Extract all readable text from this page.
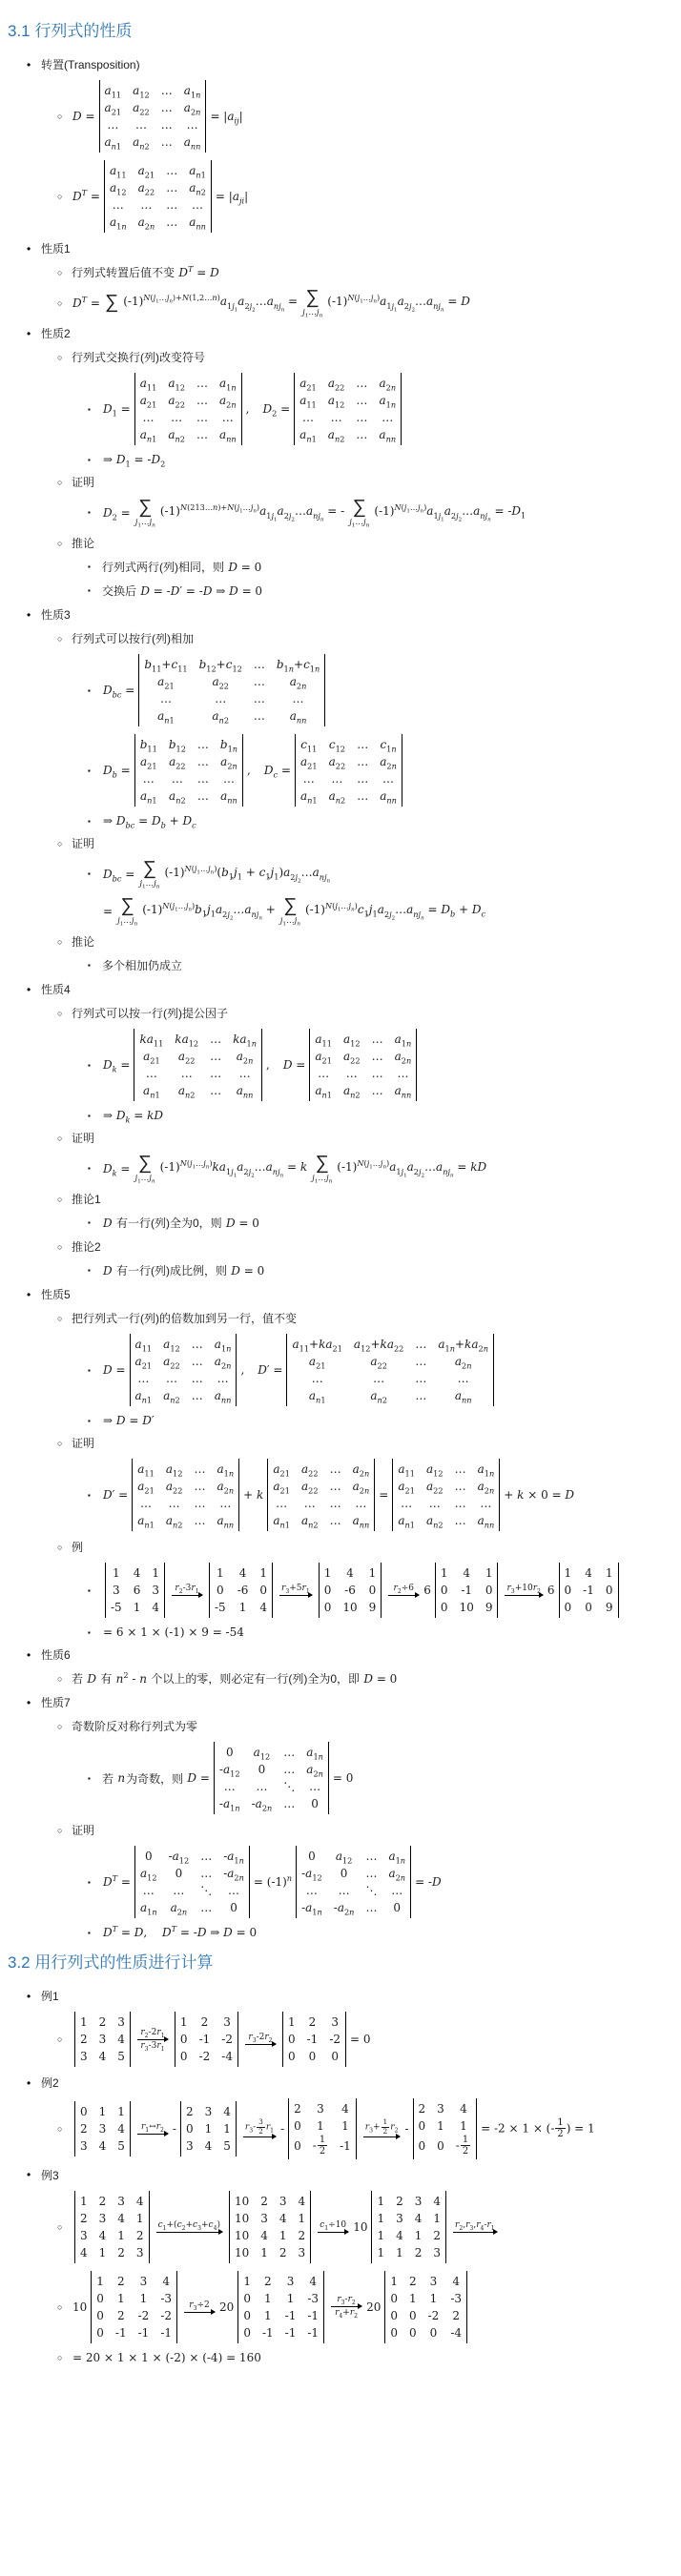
3.1 行列式的性质
• 转置(Transposition)
○ D =
$a_{11}$ $a_{12}$ … $a_{1n}$
$a_{21}$ $a_{22}$ … $a_{2n}$
… … … …
$a_{n1}$ $a_{n2}$ … $a_{nn}$
= $|a_{ij}|$
○ $D^T$ =
$a_{11}$ $a_{21}$ … $a_{n1}$
$a_{12}$ $a_{22}$ … $a_{n2}$
… … … …
$a_{1n}$ $a_{2n}$ … $a_{nn}$
= $|a_{ji}|$
• 性质1
○ 行列式转置后值不变 $D^T = D$
○ $D^T$ = ∑ $(-1)^{N(j_1\dots j_n)+N(1,2\dots n)}a_{1j_1}a_{2j_2}\dots a_{nj_n}$ = ∑
$j_1\dots j_n$
$(-1)^{N(j_1\dots j_n)}a_{1j_1}a_{2j_2}\dots a_{nj_n} = D$
• 性质2
○ 行列式交换行(列)改变符号
▪	$D_1$ =
$a_{11}$ $a_{12}$ … $a_{1n}$
$a_{21}$ $a_{22}$ … $a_{2n}$
… … … …
$a_{n1}$ $a_{n2}$ … $a_{nn}$
,  $D_2$ =
$a_{21}$ $a_{22}$ … $a_{2n}$
$a_{11}$ $a_{12}$ … $a_{1n}$
… … … …
$a_{n1}$ $a_{n2}$ … $a_{nn}$
▪	⇒ $D_1 = -D_2$
○ 证明
▪	$D_2$ = ∑
$j_1\dots j_n$
$(-1)^{N(213\dots n)+N(j_1\dots j_n)}a_{1j_1}a_{2j_2}\dots a_{nj_n}$ = - ∑
$j_1\dots j_n$
$(-1)^{N(j_1\dots j_n)}a_{1j_1}a_{2j_2}\dots a_{nj_n} = -D_1$
○ 推论
▪	行列式两行(列)相同，则 D = 0
▪	交换后 D = -D′ = -D ⇒ D = 0
• 性质3
○ 行列式可以按行(列)相加
▪	$D_{bc}$ =
$b_{11}+c_{11}$ $b_{12}+c_{12}$ … $b_{1n}+c_{1n}$
$a_{21}$	$a_{22}$ … $a_{2n}$
…	… … …
$a_{n1}$	$a_{n2}$ … $a_{nn}$
▪	$D_b$ =
$b_{11}$ $b_{12}$ … $b_{1n}$
$a_{21}$ $a_{22}$ … $a_{2n}$
… … … …
$a_{n1}$ $a_{n2}$ … $a_{nn}$
,  $D_c$ =
$c_{11}$ $c_{12}$ … $c_{1n}$
$a_{21}$ $a_{22}$ … $a_{2n}$
… … … …
$a_{n1}$ $a_{n2}$ … $a_{nn}$
▪	⇒ $D_{bc} = D_b + D_c$
○ 证明
▪	$D_{bc}$ = ∑
$j_1\dots j_n$
$(-1)^{N(j_1\dots j_n)}(b_1j_1$ + $c_1j_1)a_{2j_2}\dots a_{nj_n}$
= ∑
$j_1\dots j_n$
$(-1)^{N(j_1\dots j_n)}b_1j_1a_{2j_2}\dots a_{nj_n}$ + ∑
$j_1\dots j_n$
$(-1)^{N(j_1\dots j_n)}c_1j_1a_{2j_2}\dots a_{nj_n} = D_b + D_c$
○ 推论
▪	多个相加仍成立
• 性质4
○ 行列式可以按一行(列)提公因子
▪	$D_k$ =
$ka_{11}$ $ka_{12}$ … $ka_{1n}$
$a_{21}$ $a_{22}$ … $a_{2n}$
… … … …
$a_{n1}$ $a_{n2}$ … $a_{nn}$
,  D =
$a_{11}$ $a_{12}$ … $a_{1n}$
$a_{21}$ $a_{22}$ … $a_{2n}$
… … … …
$a_{n1}$ $a_{n2}$ … $a_{nn}$
▪	⇒ $D_k$ = kD
○ 证明
▪	$D_k$ = ∑
$j_1\dots j_n$
$(-1)^{N(j_1\dots j_n)}ka_{1j_1}a_{2j_2}\dots a_{nj_n} = k$ ∑
$j_1\dots j_n$
$(-1)^{N(j_1\dots j_n)}a_{1j_1}a_{2j_2}\dots a_{nj_n}$ = kD
○ 推论1
▪	D 有一行(列)全为0，则 D = 0
○ 推论2
▪	D 有一行(列)成比例，则 D = 0
• 性质5
○ 把行列式一行(列)的倍数加到另一行，值不变
▪	D =
$a_{11}$ $a_{12}$ … $a_{1n}$
$a_{21}$ $a_{22}$ … $a_{2n}$
… … … …
$a_{n1}$ $a_{n2}$ … $a_{nn}$
,  D′ =
$a_{11}+ka_{21}$ $a_{12}+ka_{22}$ … $a_{1n}+ka_{2n}$
$a_{21}$	$a_{22}$ … $a_{2n}$
…	…	…	…
$a_{n1}$	$a_{n2}$ … $a_{nn}$
▪	⇒ D = D′
○ 证明
▪	D′ =
$a_{11}$ $a_{12}$ … $a_{1n}$
$a_{21}$ $a_{22}$ … $a_{2n}$
… … … …
$a_{n1}$ $a_{n2}$ … $a_{nn}$
+ k
$a_{21}$ $a_{22}$ … $a_{2n}$
$a_{21}$ $a_{22}$ … $a_{2n}$
… … … …
$a_{n1}$ $a_{n2}$ … $a_{nn}$
=
$a_{11}$ $a_{12}$ … $a_{1n}$
$a_{21}$ $a_{22}$ … $a_{2n}$
… … … …
$a_{n1}$ $a_{n2}$ … $a_{nn}$
+ k × 0 = D
○ 例
▪
1 4 1
3 6 3
-5 1 4
$r_2-3r_1$
1 4 1
0 -6 0
-5 1 4
$r_3+5r$
1 4 1
0 -6 0
0 10 9
$r_2\div 6$ 6
1 4 1
0 -1 0
0 10 9
$r_3+10r$ 6
1 4 1
0 -1 0
0 0 9
▪	= 6 × 1 × (-1) × 9 = -54
• 性质6
○ 若 D 有 $n^2$ - n 个以上的零，则必定有一行(列)全为0，即 D = 0
• 性质7
○ 奇数阶反对称行列式为零
▪	若 n 为奇数，则 D =
0 $a_{12}$ … $a_{1n}$
$-a_{12}$ 0 … $a_{2n}$
… … ⋱ …
$-a_{1n}$ $-a_{2n}$ … 0
= 0
○ 证明
▪	$D^T$ =
0 $-a_{12}$ … $-a_{1n}$
$a_{12}$ 0 … $-a_{2n}$
… … ⋱ …
$a_{1n}$ $a_{2n}$ … 0
= $(-1)^n$
0 $a_{12}$ … $a_{1n}$
$-a_{12}$ 0 … $a_{2n}$
… … ⋱ …
$-a_{1n}$ $-a_{2n}$ … 0
= -D
▪	$D^T = D$,  $D^T = -D$ ⇒ D = 0
3.2 用行列式的性质进行计算
• 例1
○
1 2 3
2 3 4
3 4 5
$r_2-2r_1$
$r_3-3r_1$
1 2 3
0 -1 -2
0 -2 -4
$r_3-2r_2$
1 2 3
0 -1 -2
0 0 0
= 0
• 例2
○
0 1 1
2 3 4
3 4 5
$r_1\leftrightarrow r_2$ -
2 3 4
0 1 1
3 4 5
$r_3- \frac{3}{2} r_1$ -
2 3 4
0 1 1
$0 - \frac{1}{2} -1$
$r_3+ \frac{1}{2} r_2$ -
2 3 4
0 1 1
0 $0 - \frac{1}{2}$
= -2 × 1 × (- $\frac{1}{2}$ ) = 1
• 例3
○
1 2 3 4
2 3 4 1
3 4 1 2
4 1 2 3
$c_1+(c_2+c_3+c_4)$
10 2 3 4
10 3 4 1
10 4 1 2
10 1 2 3
$c_1\div 10$ 10
1 2 3 4
1 3 4 1
1 4 1 2
1 1 2 3
$r_2,r_3,r_4-r$
○ 10
1 2 3 4
0 1 1 -3
0 2 -2 -2
0 -1 -1 -1
$r_3\div 2$ 20
1 2 3 4
0 1 1 -3
0 1 -1 -1
0 -1 -1 -1
$r_3-r_2$
$r_4+r_2$
20
1 2 3 4
0 1 1 -3
0 0 -2 2
0 0 0 -4
○ = 20 × 1 × 1 × (-2) × (-4) = 160
